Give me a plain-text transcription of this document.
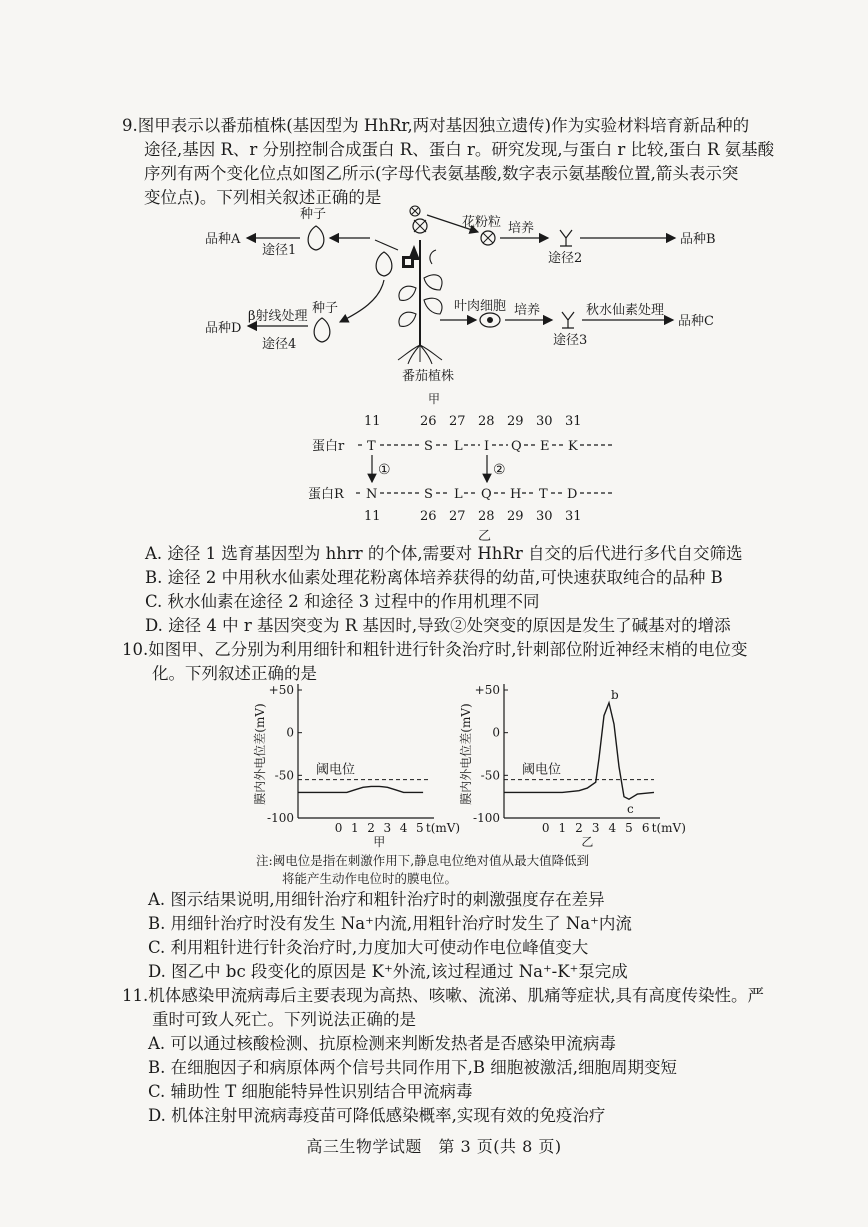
9.图甲表示以番茄植株(基因型为 HhRr,两对基因独立遗传)作为实验材料培育新品种的
途径,基因 R、r 分别控制合成蛋白 R、蛋白 r。研究发现,与蛋白 r 比较,蛋白 R 氨基酸
序列有两个变化位点如图乙所示(字母代表氨基酸,数字表示氨基酸位置,箭头表示突
变位点)。下列相关叙述正确的是
品种A
途径1
种子
花粉粒 培养
途径2
品种B
叶肉细胞 培养
途径3
秋水仙素处理
品种C
品种D
β射线处理
途径4
种子
番茄植株
甲
11	26 27 28 29 30 31
蛋白r T	S L I Q E K
①	②
蛋白R N	S L Q H T D
11	26 27 28 29 30 31
乙
A. 途径 1 选育基因型为 hhrr 的个体,需要对 HhRr 自交的后代进行多代自交筛选
B. 途径 2 中用秋水仙素处理花粉离体培养获得的幼苗,可快速获取纯合的品种 B
C. 秋水仙素在途径 2 和途径 3 过程中的作用机理不同
D. 途径 4 中 r 基因突变为 R 基因时,导致②处突变的原因是发生了碱基对的增添
10.如图甲、乙分别为利用细针和粗针进行针灸治疗时,针刺部位附近神经末梢的电位变
化。下列叙述正确的是
+50
0
-50
-100
膜内外电位差(mV)
0 1 2 3 4 5 t(mV)
甲
阈电位
+50
0
-50
-100
膜内外电位差(mV)
0 1 2 3 4 5 6 t(mV)
乙
阈电位
b
c
注:阈电位是指在刺激作用下,静息电位绝对值从最大值降低到
将能产生动作电位时的膜电位。
A. 图示结果说明,用细针治疗和粗针治疗时的刺激强度存在差异
B. 用细针治疗时没有发生 Na⁺内流,用粗针治疗时发生了 Na⁺内流
C. 利用粗针进行针灸治疗时,力度加大可使动作电位峰值变大
D. 图乙中 bc 段变化的原因是 K⁺外流,该过程通过 Na⁺-K⁺泵完成
11.机体感染甲流病毒后主要表现为高热、咳嗽、流涕、肌痛等症状,具有高度传染性。严
重时可致人死亡。下列说法正确的是
A. 可以通过核酸检测、抗原检测来判断发热者是否感染甲流病毒
B. 在细胞因子和病原体两个信号共同作用下,B 细胞被激活,细胞周期变短
C. 辅助性 T 细胞能特异性识别结合甲流病毒
D. 机体注射甲流病毒疫苗可降低感染概率,实现有效的免疫治疗
高三生物学试题　第 3 页(共 8 页)
